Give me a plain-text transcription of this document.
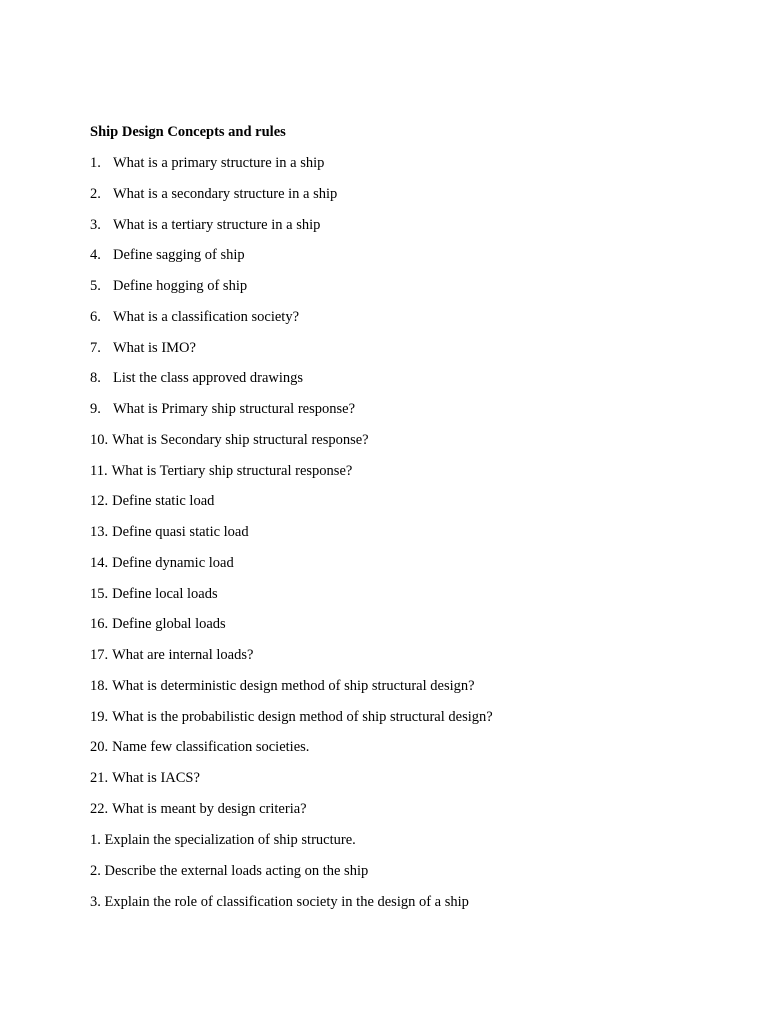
Ship Design Concepts and rules
1. What is a primary structure in a ship
2. What is a secondary structure in a ship
3. What is a tertiary structure in a ship
4. Define sagging of ship
5. Define hogging of ship
6. What is a classification society?
7. What is IMO?
8. List the class approved drawings
9. What is Primary ship structural response?
10. What is Secondary ship structural response?
11. What is Tertiary ship structural response?
12. Define static load
13. Define quasi static load
14. Define dynamic load
15. Define local loads
16. Define global loads
17. What are internal loads?
18. What is deterministic design method of ship structural design?
19. What is the probabilistic design method of ship structural design?
20. Name few classification societies.
21. What is IACS?
22. What is meant by design criteria?
1. Explain the specialization of ship structure.
2. Describe the external loads acting on the ship
3. Explain the role of classification society in the design of a ship
